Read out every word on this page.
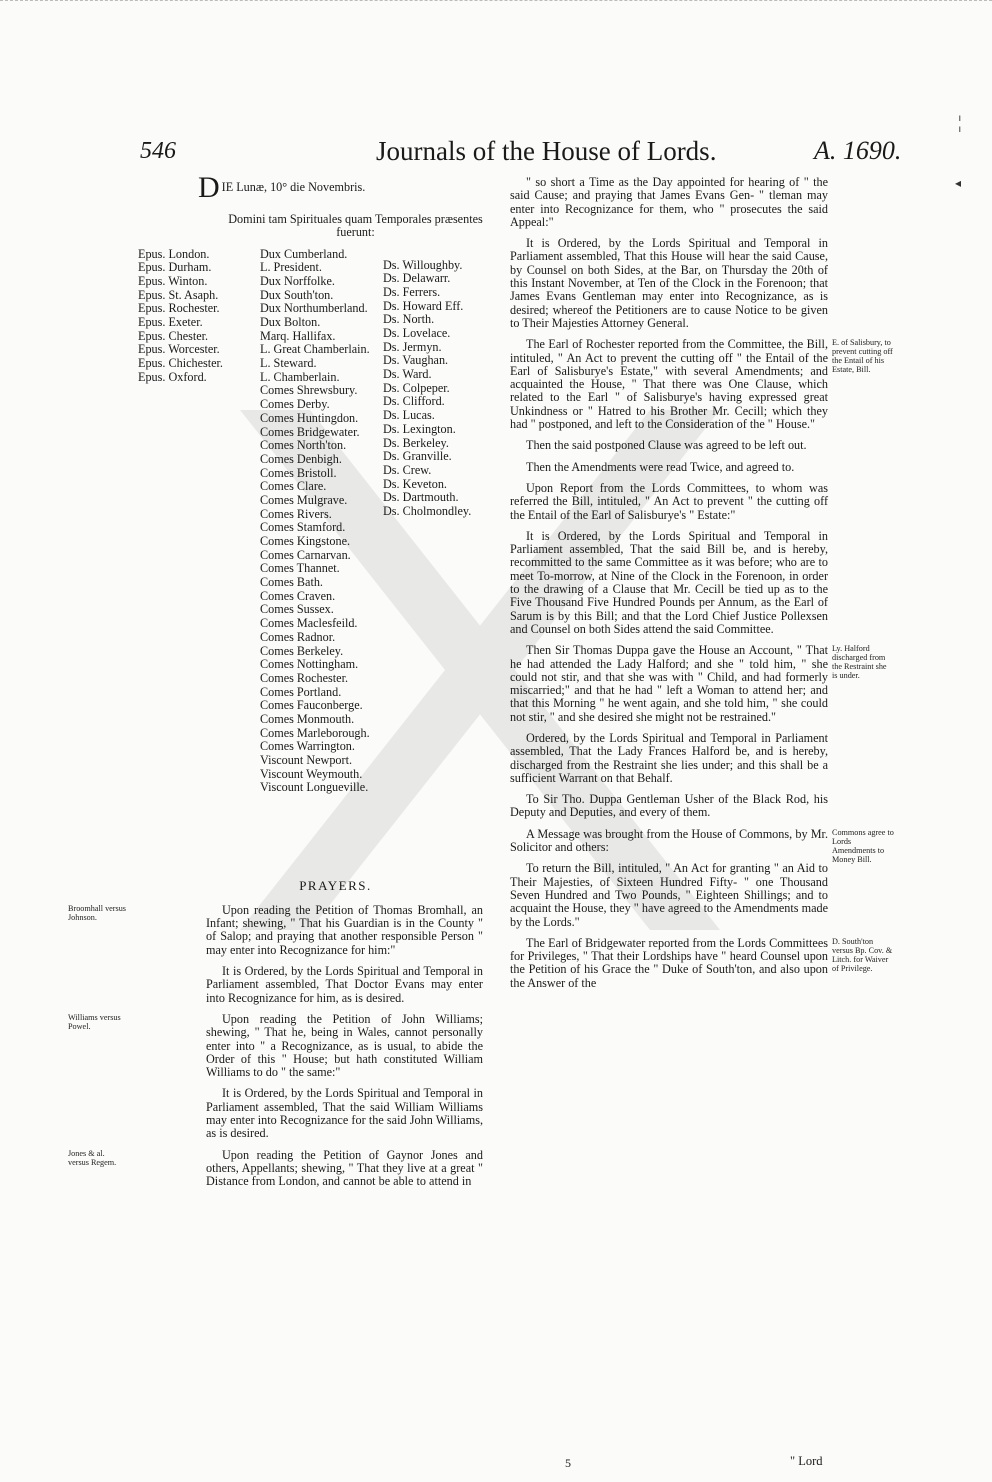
¦
◂
546	Journals of the House of Lords.	A. 1690.
D IE Lunæ, 10° die Novembris.

Domini tam Spirituales quam Temporales præsentes fuerunt:

Epus. London.
Epus. Durham.
Epus. Winton.
Epus. St. Asaph.
Epus. Rochester.
Epus. Exeter.
Epus. Chester.
Epus. Worcester.
Epus. Chichester.
Epus. Oxford.
Dux Cumberland.
L. President.
Dux Norffolke.
Dux South'ton.
Dux Northumberland.
Dux Bolton.
Marq. Hallifax.
L. Great Chamberlain.
L. Steward.
L. Chamberlain.
Comes Shrewsbury.
Comes Derby.
Comes Huntingdon.
Comes Bridgewater.
Comes North'ton.
Comes Denbigh.
Comes Bristoll.
Comes Clare.
Comes Mulgrave.
Comes Rivers.
Comes Stamford.
Comes Kingstone.
Comes Carnarvan.
Comes Thannet.
Comes Bath.
Comes Craven.
Comes Sussex.
Comes Maclesfeild.
Comes Radnor.
Comes Berkeley.
Comes Nottingham.
Comes Rochester.
Comes Portland.
Comes Fauconberge.
Comes Monmouth.
Comes Marleborough.
Comes Warrington.
Viscount Newport.
Viscount Weymouth.
Viscount Longueville.
Ds. Willoughby.
Ds. Delawarr.
Ds. Ferrers.
Ds. Howard Eff.
Ds. North.
Ds. Lovelace.
Ds. Jermyn.
Ds. Vaughan.
Ds. Ward.
Ds. Colpeper.
Ds. Clifford.
Ds. Lucas.
Ds. Lexington.
Ds. Berkeley.
Ds. Granville.
Ds. Crew.
Ds. Keveton.
Ds. Dartmouth.
Ds. Cholmondley.
PRAYERS.

Upon reading the Petition of Thomas Bromhall, an Infant; shewing, " That his Guardian is in the County " of Salop; and praying that another responsible Person " may enter into Recognizance for him:"

Broomhall versus Johnson.

It is Ordered, by the Lords Spiritual and Temporal in Parliament assembled, That Doctor Evans may enter into Recognizance for him, as is desired.

Upon reading the Petition of John Williams; shewing, " That he, being in Wales, cannot personally enter into " a Recognizance, as is usual, to abide the Order of this " House; but hath constituted William Williams to do " the same:"

Williams versus Powel.

It is Ordered, by the Lords Spiritual and Temporal in Parliament assembled, That the said William Williams may enter into Recognizance for the said John Williams, as is desired.

Upon reading the Petition of Gaynor Jones and others, Appellants; shewing, " That they live at a great " Distance from London, and cannot be able to attend in

Jones & al. versus Regem.

" so short a Time as the Day appointed for hearing of " the said Cause; and praying that James Evans Gen- " tleman may enter into Recognizance for them, who " prosecutes the said Appeal:"

It is Ordered, by the Lords Spiritual and Temporal in Parliament assembled, That this House will hear the said Cause, by Counsel on both Sides, at the Bar, on Thursday the 20th of this Instant November, at Ten of the Clock in the Forenoon; that James Evans Gentleman may enter into Recognizance, as is desired; whereof the Petitioners are to cause Notice to be given to Their Majesties Attorney General.

The Earl of Rochester reported from the Committee, the Bill, intituled, " An Act to prevent the cutting off " the Entail of the Earl of Salisburye's Estate," with several Amendments; and acquainted the House, " That there was One Clause, which related to the Earl " of Salisburye's having expressed great Unkindness or " Hatred to his Brother Mr. Cecill; which they had " postponed, and left to the Consideration of the " House."

E. of Salisbury, to prevent cutting off the Entail of his Estate, Bill.

Then the said postponed Clause was agreed to be left out.

Then the Amendments were read Twice, and agreed to.

Upon Report from the Lords Committees, to whom was referred the Bill, intituled, " An Act to prevent " the cutting off the Entail of the Earl of Salisburye's " Estate:"

It is Ordered, by the Lords Spiritual and Temporal in Parliament assembled, That the said Bill be, and is hereby, recommitted to the same Committee as it was before; who are to meet To-morrow, at Nine of the Clock in the Forenoon, in order to the drawing of a Clause that Mr. Cecill be tied up as to the Five Thousand Five Hundred Pounds per Annum, as the Earl of Sarum is by this Bill; and that the Lord Chief Justice Pollexsen and Counsel on both Sides attend the said Committee.

Then Sir Thomas Duppa gave the House an Account, " That he had attended the Lady Halford; and she " told him, " she could not stir, and that she was with " Child, and had formerly miscarried;" and that he had " left a Woman to attend her; and that this Morning " he went again, and she told him, " she could not stir, " and she desired she might not be restrained."

Ly. Halford discharged from the Restraint she is under.

Ordered, by the Lords Spiritual and Temporal in Parliament assembled, That the Lady Frances Halford be, and is hereby, discharged from the Restraint she lies under; and this shall be a sufficient Warrant on that Behalf.

To Sir Tho. Duppa Gentleman Usher of the Black Rod, his Deputy and Deputies, and every of them.

A Message was brought from the House of Commons, by Mr. Solicitor and others:

Commons agree to Lords Amendments to Money Bill.

To return the Bill, intituled, " An Act for granting " an Aid to Their Majesties, of Sixteen Hundred Fifty- " one Thousand Seven Hundred and Two Pounds, " Eighteen Shillings; and to acquaint the House, they " have agreed to the Amendments made by the Lords."

The Earl of Bridgewater reported from the Lords Committees for Privileges, " That their Lordships have " heard Counsel upon the Petition of his Grace the " Duke of South'ton, and also upon the Answer of the

D. South'ton versus Bp. Cov. & Litch. for Waiver of Privilege.
5	" Lord
